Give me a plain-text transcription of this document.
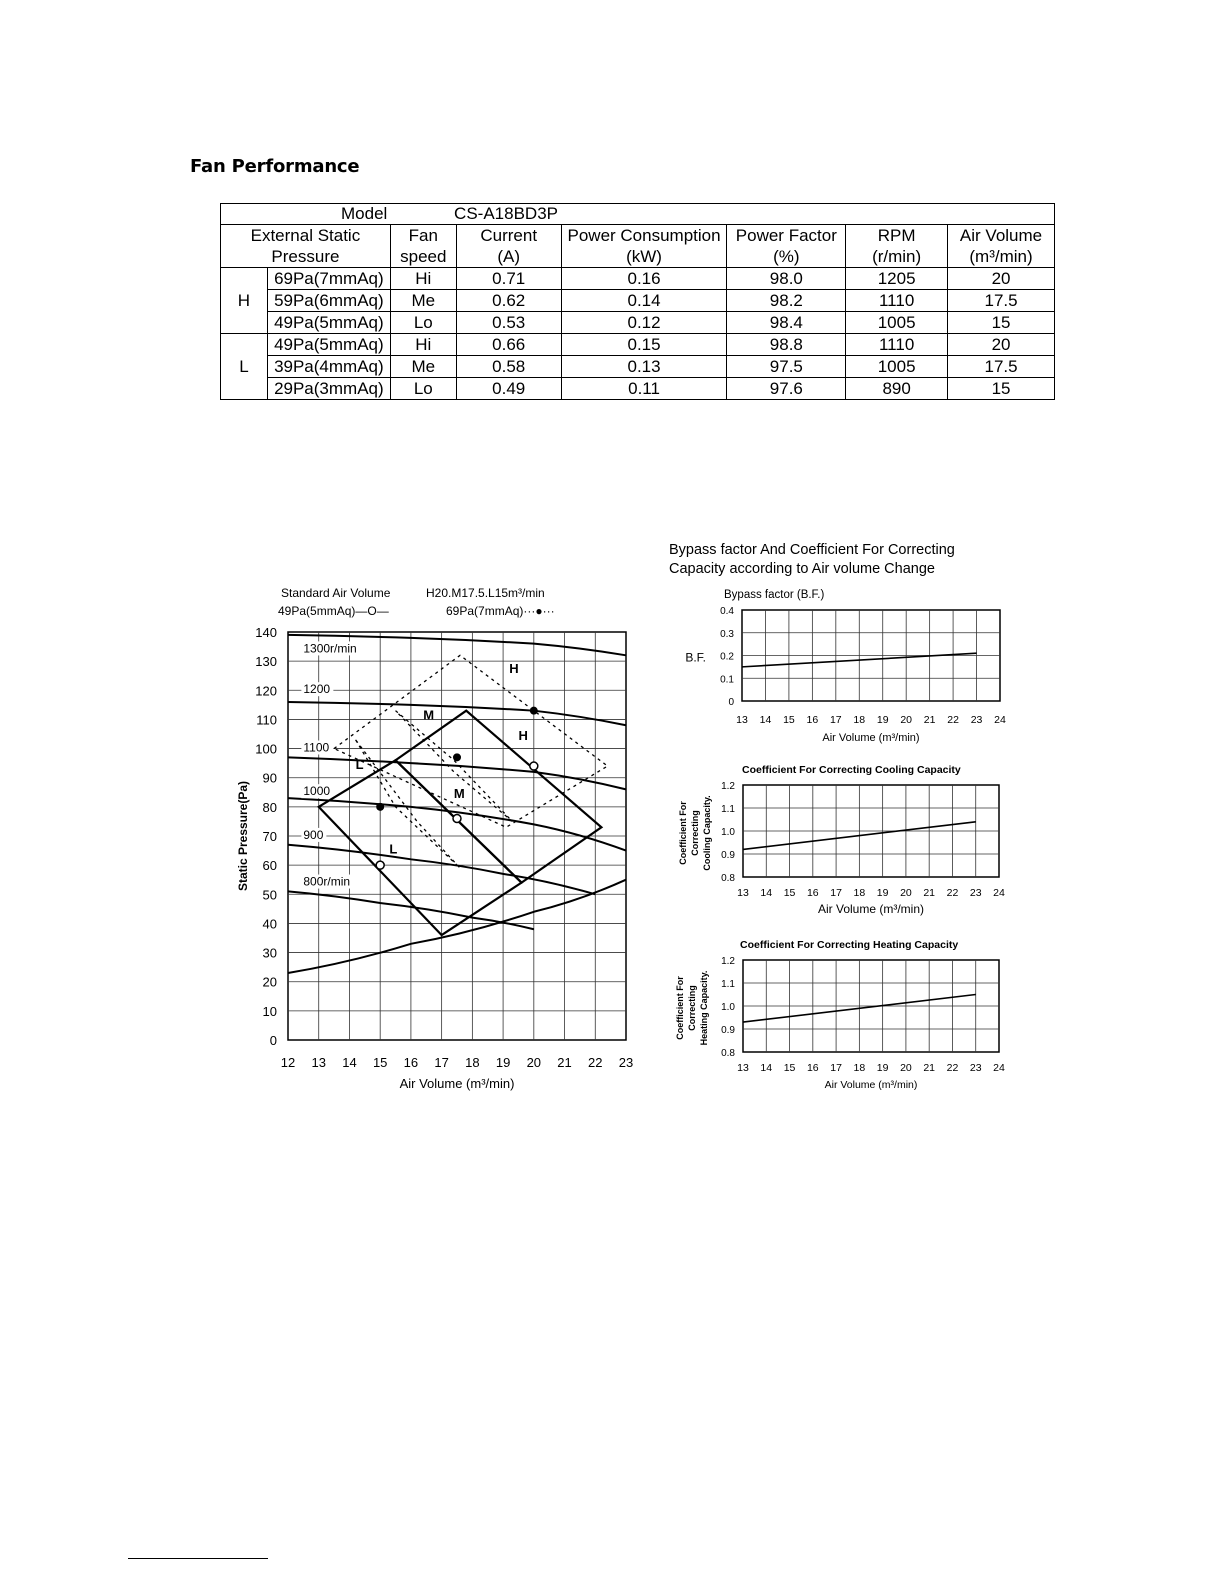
Fan Performance
Model CS-A18BD3P							
External Static		Fan	Current	Power Consumption	Power Factor	RPM	Air Volume
Pressure		speed	(A)	(kW)	(%)	(r/min)	(m³/min)
H	69Pa(7mmAq)	Hi	0.71	0.16	98.0	1205	20
	59Pa(6mmAq)	Me	0.62	0.14	98.2	1110	17.5
	49Pa(5mmAq)	Lo	0.53	0.12	98.4	1005	15
L	49Pa(5mmAq)	Hi	0.66	0.15	98.8	1110	20
	39Pa(4mmAq)	Me	0.58	0.13	97.5	1005	17.5
	29Pa(3mmAq)	Lo	0.49	0.11	97.6	890	15
Standard Air Volume	H20.M17.5.L15m³/min
49Pa(5mmAq)—O—	69Pa(7mmAq)···●···
12 13 14 15 16 17 18 19 20 21 22 23
0
10
20
30
40
50
60
70
80
90
100
110
120
130
140
Air Volume (m³/min)
Static Pressure(Pa)
1300r/min
1200
1100
1000
900
800r/min
H
H
M
M
L
L
Bypass factor And Coefficient For Correcting
Capacity according to Air volume Change
Bypass factor (B.F.)
13 14 15 16 17 18 19 20 21 22 23 24
0
0.1
0.2
0.3
0.4
Air Volume (m³/min)
B.F.
Coefficient For Correcting Cooling Capacity
13 14 15 16 17 18 19 20 21 22 23 24
0.8
0.9
1.0
1.1
1.2
Air Volume (m³/min)
Coefficient For Correcting Cooling Capacity.
Coefficient For Correcting Heating Capacity
13 14 15 16 17 18 19 20 21 22 23 24
0.8
0.9
1.0
1.1
1.2
Air Volume (m³/min)
Coefficient For Correcting Heating Capacity.
